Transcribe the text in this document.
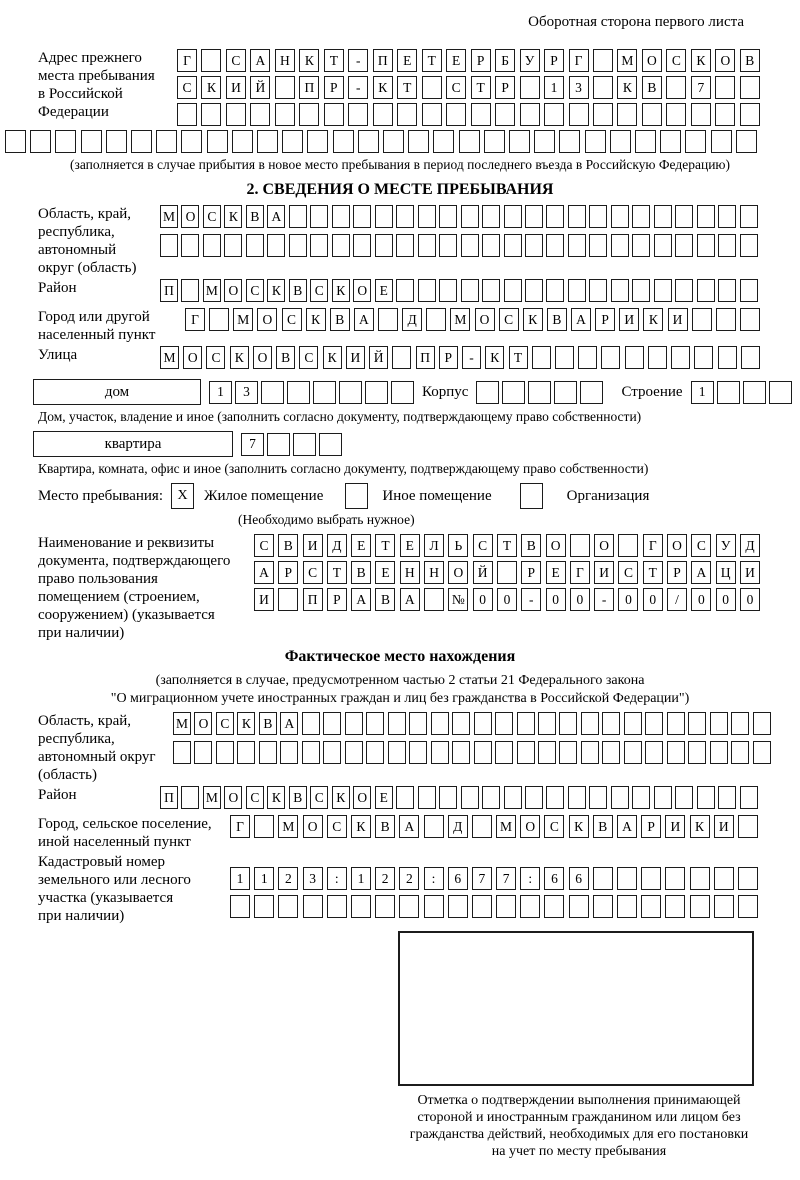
Оборотная сторона первого листа
Адрес прежнего
места пребывания
в Российской
Федерации
Г	С	А	Н	К	Т	-	П	Е	Т	Е	Р	Б	У	Р	Г	М	О	С	К	О	В
С	К	И	Й	П	Р	-	К	Т	С	Т	Р	1	3	К	В	7
(заполняется в случае прибытия в новое место пребывания в период последнего въезда в Российскую Федерацию)
2. СВЕДЕНИЯ О МЕСТЕ ПРЕБЫВАНИЯ
Область, край,
республика,
автономный
округ (область)
М О С К В А
Район	П	М О С К В С К О Е
Город или другой
населенный пункт
Г	М О	С	К	В	А	Д	М О	С	К	В	А	Р	И	К	И
Улица	М О	С	К	О	В	С	К	И Й	П	Р	-	К	Т
дом	1	3	Корпус	Строение	1
Дом, участок, владение и иное (заполнить согласно документу, подтверждающему право собственности)
квартира	7
Квартира, комната, офис и иное (заполнить согласно документу, подтверждающему право собственности)
Место пребывания:	X	Жилое помещение	Иное помещение	Организация
(Необходимо выбрать нужное)
Наименование и реквизиты
документа, подтверждающего
право пользования
помещением (строением,
сооружением) (указывается
при наличии)
С	В	И	Д	Е	Т	Е	Л	Ь	С	Т	В	О	О	Г	О	С	У	Д
А	Р	С	Т	В	Е	Н	Н	О	Й	Р	Е	Г	И	С	Т	Р	А	Ц	И
И	П	Р	А	В	А	№	0	0	-	0	0	-	0	0	/	0	0	0
Фактическое место нахождения
(заполняется в случае, предусмотренном частью 2 статьи 21 Федерального закона
"О миграционном учете иностранных граждан и лиц без гражданства в Российской Федерации")
Область, край,
республика,
автономный округ
(область)
М О С К В А
Район	П	М О С К В С К О Е
Город, сельское поселение,
иной населенный пункт
Г	М О	С	К	В	А	Д	М О	С	К	В	А	Р	И	К	И
Кадастровый номер
земельного или лесного
участка (указывается
при наличии)
1	1	2	3	:	1	2	2	:	6	7	7	:	6	6
Отметка о подтверждении выполнения принимающей
стороной и иностранным гражданином или лицом без
гражданства действий, необходимых для его постановки
на учет по месту пребывания
